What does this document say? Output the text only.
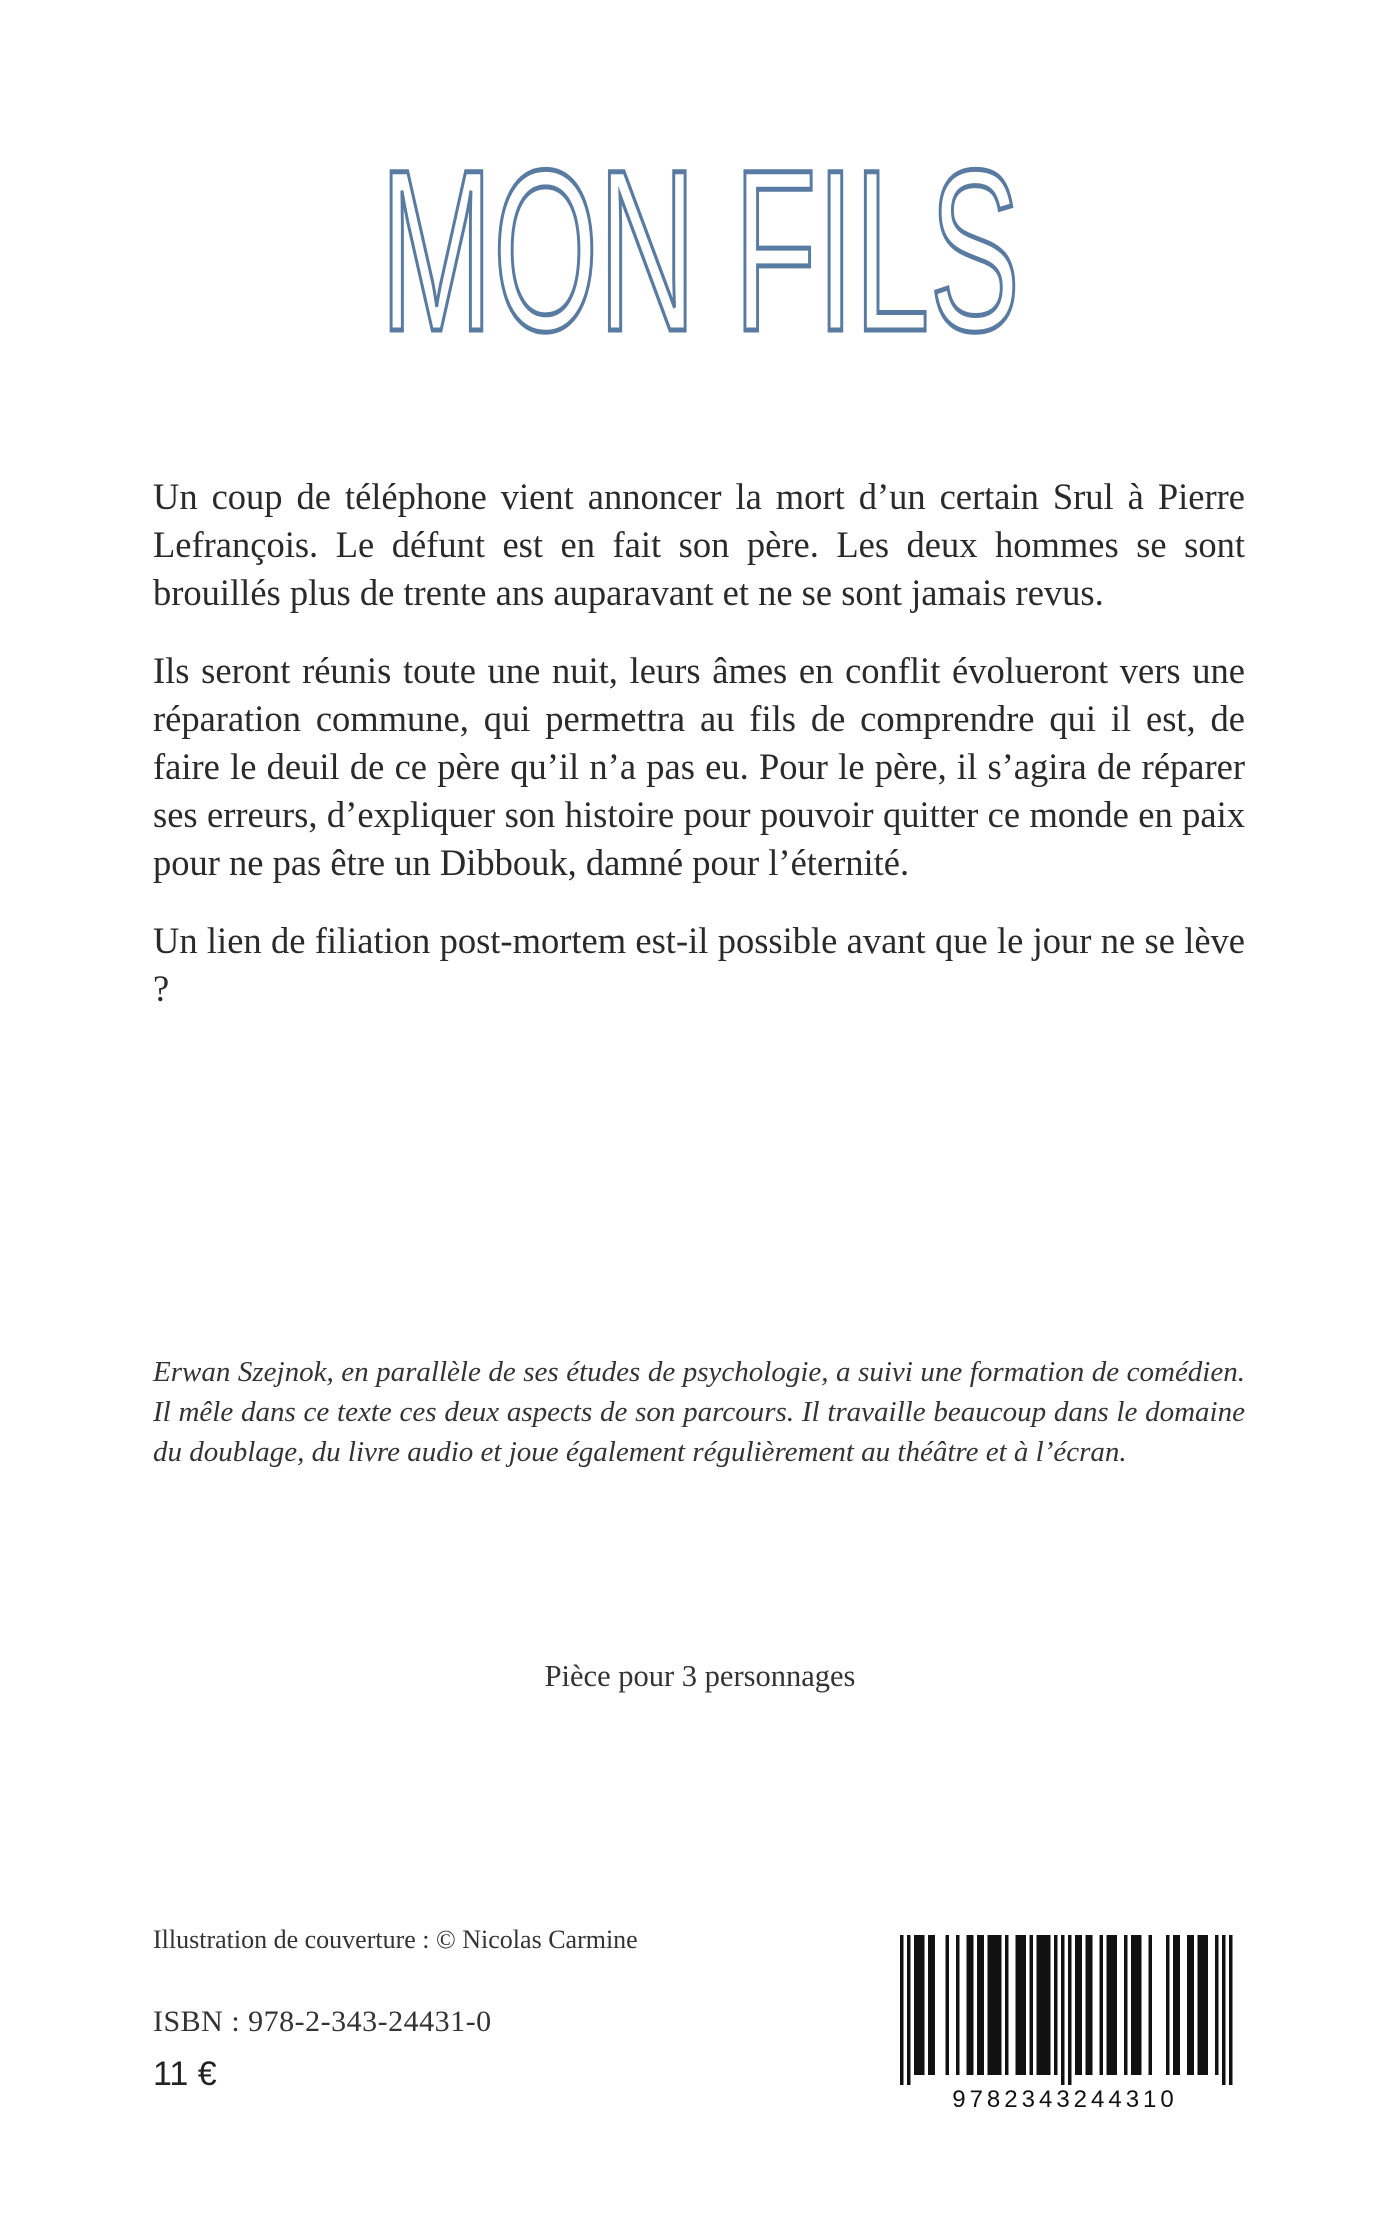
MON FILS

Un coup de téléphone vient annoncer la mort d’un certain Srul à Pierre Lefrançois. Le défunt est en fait son père. Les deux hommes se sont brouillés plus de trente ans auparavant et ne se sont jamais revus.

Ils seront réunis toute une nuit, leurs âmes en conflit évolueront vers une réparation commune, qui permettra au fils de comprendre qui il est, de faire le deuil de ce père qu’il n’a pas eu. Pour le père, il s’agira de réparer ses erreurs, d’expliquer son histoire pour pouvoir quitter ce monde en paix pour ne pas être un Dibbouk, damné pour l’éternité.

Un lien de filiation post-mortem est-il possible avant que le jour ne se lève ?

Erwan Szejnok, en parallèle de ses études de psychologie, a suivi une formation de comédien. Il mêle dans ce texte ces deux aspects de son parcours. Il travaille beaucoup dans le domaine du doublage, du livre audio et joue également régulièrement au théâtre et à l’écran.
Pièce pour 3 personnages
Illustration de couverture : © Nicolas Carmine
ISBN : 978-2-343-24431-0
11 €
9782343244310
